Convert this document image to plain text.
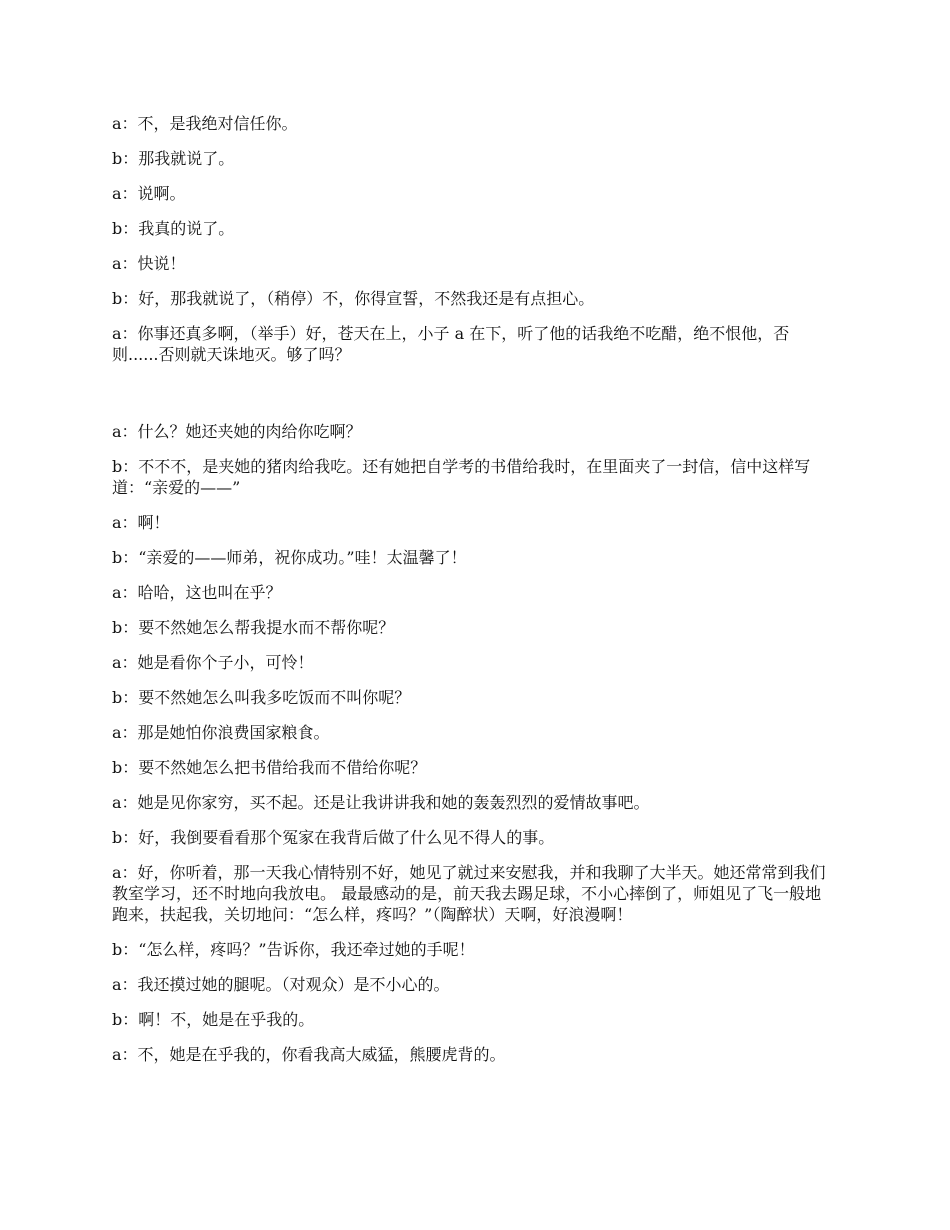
a：不，是我绝对信任你。

b：那我就说了。

a：说啊。

b：我真的说了。

a：快说！

b：好，那我就说了，（稍停）不，你得宣誓，不然我还是有点担心。

a：你事还真多啊，（举手）好，苍天在上，小子 a 在下，听了他的话我绝不吃醋，绝不恨他，否则......否则就天诛地灭。够了吗？

a：什么？她还夹她的肉给你吃啊？

b：不不不，是夹她的猪肉给我吃。还有她把自学考的书借给我时，在里面夹了一封信，信中这样写道：“亲爱的——”

a：啊！

b：“亲爱的——师弟，祝你成功。”哇！太温馨了！

a：哈哈，这也叫在乎？

b：要不然她怎么帮我提水而不帮你呢？

a：她是看你个子小，可怜！

b：要不然她怎么叫我多吃饭而不叫你呢？

a：那是她怕你浪费国家粮食。

b：要不然她怎么把书借给我而不借给你呢？

a：她是见你家穷，买不起。还是让我讲讲我和她的轰轰烈烈的爱情故事吧。

b：好，我倒要看看那个冤家在我背后做了什么见不得人的事。

a：好，你听着，那一天我心情特别不好，她见了就过来安慰我，并和我聊了大半天。她还常常到我们教室学习，还不时地向我放电。 最最感动的是，前天我去踢足球，不小心摔倒了，师姐见了飞一般地跑来，扶起我，关切地问：“怎么样，疼吗？”（陶醉状）天啊，好浪漫啊！

b：“怎么样，疼吗？”告诉你，我还牵过她的手呢！

a：我还摸过她的腿呢。（对观众）是不小心的。

b：啊！不，她是在乎我的。

a：不，她是在乎我的，你看我高大威猛，熊腰虎背的。
